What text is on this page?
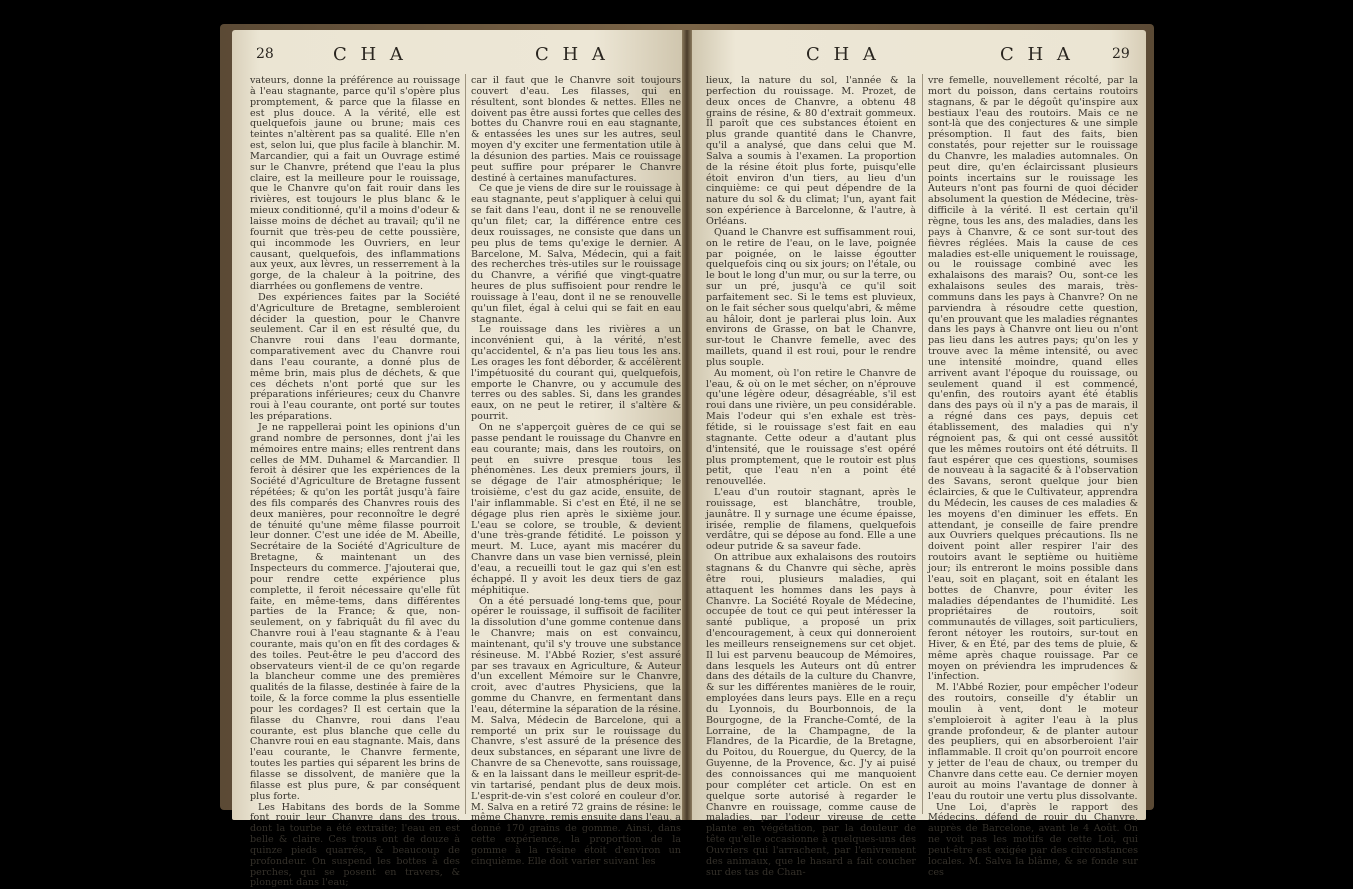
28	C H A	C H A	C H A	C H A	29

vateurs, donne la préférence au rouissage à l'eau stagnante, parce qu'il s'opère plus promptement, & parce que la filasse en est plus douce. A la vérité, elle est quelquefois jaune ou brune; mais ces teintes n'altèrent pas sa qualité. Elle n'en est, selon lui, que plus facile à blanchir. M. Marcandier, qui a fait un Ouvrage estimé sur le Chanvre, prétend que l'eau la plus claire, est la meilleure pour le rouissage, que le Chanvre qu'on fait rouir dans les rivières, est toujours le plus blanc & le mieux conditionné, qu'il a moins d'odeur & laisse moins de déchet au travail; qu'il ne fournit que très-peu de cette poussière, qui incommode les Ouvriers, en leur causant, quelquefois, des inflammations aux yeux, aux lèvres, un resserrement à la gorge, de la chaleur à la poitrine, des diarrhées ou gonflemens de ventre.

Des expériences faites par la Société d'Agriculture de Bretagne, sembleroient décider la question, pour le Chanvre seulement. Car il en est résulté que, du Chanvre roui dans l'eau dormante, comparativement avec du Chanvre roui dans l'eau courante, a donné plus de même brin, mais plus de déchets, & que ces déchets n'ont porté que sur les préparations inférieures; ceux du Chanvre roui à l'eau courante, ont porté sur toutes les préparations.

Je ne rappellerai point les opinions d'un grand nombre de personnes, dont j'ai les mémoires entre mains; elles rentrent dans celles de MM. Duhamel & Marcandier. Il feroit à désirer que les expériences de la Société d'Agriculture de Bretagne fussent répétées; & qu'on les portât jusqu'à faire des fils comparés des Chanvres rouis des deux manières, pour reconnoître le degré de ténuité qu'une même filasse pourroit leur donner. C'est une idée de M. Abeille, Secrétaire de la Société d'Agriculture de Bretagne, & maintenant un des Inspecteurs du commerce. J'ajouterai que, pour rendre cette expérience plus complette, il feroit nécessaire qu'elle fût faite, en même-tems, dans différentes parties de la France; & que, non-seulement, on y fabriquât du fil avec du Chanvre roui à l'eau stagnante & à l'eau courante, mais qu'on en fît des cordages & des toiles. Peut-être le peu d'accord des observateurs vient-il de ce qu'on regarde la blancheur comme une des premières qualités de la filasse, destinée à faire de la toile, & la force comme la plus essentielle pour les cordages? Il est certain que la filasse du Chanvre, roui dans l'eau courante, est plus blanche que celle du Chanvre roui en eau stagnante. Mais, dans l'eau courante, le Chanvre fermente, toutes les parties qui séparent les brins de filasse se dissolvent, de manière que la filasse est plus pure, & par conséquent plus forte.

Les Habitans des bords de la Somme font rouir leur Chanvre dans des trous, dont la tourbe a été extraite; l'eau en est belle & claire. Ces trous ont de douze à quinze pieds quarrés, & beaucoup de profondeur. On suspend les bottes à des perches, qui se posent en travers, & plongent dans l'eau;

car il faut que le Chanvre soit toujours couvert d'eau. Les filasses, qui en résultent, sont blondes & nettes. Elles ne doivent pas être aussi fortes que celles des bottes du Chanvre roui en eau stagnante, & entassées les unes sur les autres, seul moyen d'y exciter une fermentation utile à la désunion des parties. Mais ce rouissage peut suffire pour préparer le Chanvre destiné à certaines manufactures.

Ce que je viens de dire sur le rouissage à eau stagnante, peut s'appliquer à celui qui se fait dans l'eau, dont il ne se renouvelle qu'un filet; car, la différence entre ces deux rouissages, ne consiste que dans un peu plus de tems qu'exige le dernier. A Barcelone, M. Salva, Médecin, qui a fait des recherches très-utiles sur le rouissage du Chanvre, a vérifié que vingt-quatre heures de plus suffisoient pour rendre le rouissage à l'eau, dont il ne se renouvelle qu'un filet, égal à celui qui se fait en eau stagnante.

Le rouissage dans les rivières a un inconvénient qui, à la vérité, n'est qu'accidentel, & n'a pas lieu tous les ans. Les orages les font déborder, & accélèrent l'impétuosité du courant qui, quelquefois, emporte le Chanvre, ou y accumule des terres ou des sables. Si, dans les grandes eaux, on ne peut le retirer, il s'altère & pourrit.

On ne s'apperçoit guères de ce qui se passe pendant le rouissage du Chanvre en eau courante; mais, dans les routoirs, on peut en suivre presque tous les phénomènes. Les deux premiers jours, il se dégage de l'air atmosphérique; le troisième, c'est du gaz acide, ensuite, de l'air inflammable. Si c'est en Été, il ne se dégage plus rien après le sixième jour. L'eau se colore, se trouble, & devient d'une très-grande fétidité. Le poisson y meurt. M. Luce, ayant mis macérer du Chanvre dans un vase bien vernissé, plein d'eau, a recueilli tout le gaz qui s'en est échappé. Il y avoit les deux tiers de gaz méphitique.

On a été persuadé long-tems que, pour opérer le rouissage, il suffisoit de faciliter la dissolution d'une gomme contenue dans le Chanvre; mais on est convaincu, maintenant, qu'il s'y trouve une substance résineuse. M. l'Abbé Rozier, s'est assuré par ses travaux en Agriculture, & Auteur d'un excellent Mémoire sur le Chanvre, croit, avec d'autres Physiciens, que la gomme du Chanvre, en fermentant dans l'eau, détermine la séparation de la résine. M. Salva, Médecin de Barcelone, qui a remporté un prix sur le rouissage du Chanvre, s'est assuré de la présence des deux substances, en séparant une livre de Chanvre de sa Chenevotte, sans rouissage, & en la laissant dans le meilleur esprit-de-vin tartarisé, pendant plus de deux mois. L'esprit-de-vin s'est coloré en couleur d'or. M. Salva en a retiré 72 grains de résine: le même Chanvre, remis ensuite dans l'eau, a donné 170 grains de gomme. Ainsi, dans cette expérience, la proportion de la gomme à la résine étoit d'environ un cinquième. Elle doit varier suivant les

lieux, la nature du sol, l'année & la perfection du rouissage. M. Prozet, de deux onces de Chanvre, a obtenu 48 grains de résine, & 80 d'extrait gommeux. Il paroît que ces substances étoient en plus grande quantité dans le Chanvre, qu'il a analysé, que dans celui que M. Salva a soumis à l'examen. La proportion de la résine étoit plus forte, puisqu'elle étoit environ d'un tiers, au lieu d'un cinquième: ce qui peut dépendre de la nature du sol & du climat; l'un, ayant fait son expérience à Barcelonne, & l'autre, à Orléans.

Quand le Chanvre est suffisamment roui, on le retire de l'eau, on le lave, poignée par poignée, on le laisse égoutter quelquefois cinq ou six jours; on l'étale, ou le bout le long d'un mur, ou sur la terre, ou sur un pré, jusqu'à ce qu'il soit parfaitement sec. Si le tems est pluvieux, on le fait sécher sous quelqu'abri, & même au hâloir, dont je parlerai plus loin. Aux environs de Grasse, on bat le Chanvre, sur-tout le Chanvre femelle, avec des maillets, quand il est roui, pour le rendre plus souple.

Au moment, où l'on retire le Chanvre de l'eau, & où on le met sécher, on n'éprouve qu'une légère odeur, désagréable, s'il est roui dans une rivière, un peu considérable. Mais l'odeur qui s'en exhale est très-fétide, si le rouissage s'est fait en eau stagnante. Cette odeur a d'autant plus d'intensité, que le rouissage s'est opéré plus promptement, que le routoir est plus petit, que l'eau n'en a point été renouvellée.

L'eau d'un routoir stagnant, après le rouissage, est blanchâtre, trouble, jaunâtre. Il y surnage une écume épaisse, irisée, remplie de filamens, quelquefois verdâtre, qui se dépose au fond. Elle a une odeur putride & sa saveur fade.

On attribue aux exhalaisons des routoirs stagnans & du Chanvre qui sèche, après être roui, plusieurs maladies, qui attaquent les hommes dans les pays à Chanvre. La Société Royale de Médecine, occupée de tout ce qui peut intéresser la santé publique, a proposé un prix d'encouragement, à ceux qui donneroient les meilleurs renseignemens sur cet objet. Il lui est parvenu beaucoup de Mémoires, dans lesquels les Auteurs ont dû entrer dans des détails de la culture du Chanvre, & sur les différentes manières de le rouir, employées dans leurs pays. Elle en a reçu du Lyonnois, du Bourbonnois, de la Bourgogne, de la Franche-Comté, de la Lorraine, de la Champagne, de la Flandres, de la Picardie, de la Bretagne, du Poitou, du Rouergue, du Quercy, de la Guyenne, de la Provence, &c. J'y ai puisé des connoissances qui me manquoient pour compléter cet article. On est en quelque sorte autorisé à regarder le Chanvre en rouissage, comme cause de maladies, par l'odeur vireuse de cette plante en végétation, par la douleur de tête qu'elle occasionne à quelques-uns des Ouvriers qui l'arrachent, par l'enivrement des animaux, que le hasard a fait coucher sur des tas de Chan-

vre femelle, nouvellement récolté, par la mort du poisson, dans certains routoirs stagnans, & par le dégoût qu'inspire aux bestiaux l'eau des routoirs. Mais ce ne sont-là que des conjectures & une simple présomption. Il faut des faits, bien constatés, pour rejetter sur le rouissage du Chanvre, les maladies automnales. On peut dire, qu'en éclaircissant plusieurs points incertains sur le rouissage les Auteurs n'ont pas fourni de quoi décider absolument la question de Médecine, très-difficile à la vérité. Il est certain qu'il règne, tous les ans, des maladies, dans les pays à Chanvre, & ce sont sur-tout des fièvres réglées. Mais la cause de ces maladies est-elle uniquement le rouissage, ou le rouissage combiné avec les exhalaisons des marais? Ou, sont-ce les exhalaisons seules des marais, très-communs dans les pays à Chanvre? On ne parviendra à résoudre cette question, qu'en prouvant que les maladies régnantes dans les pays à Chanvre ont lieu ou n'ont pas lieu dans les autres pays; qu'on les y trouve avec la même intensité, ou avec une intensité moindre, quand elles arrivent avant l'époque du rouissage, ou seulement quand il est commencé, qu'enfin, des routoirs ayant été établis dans des pays où il n'y a pas de marais, il a régné dans ces pays, depuis cet établissement, des maladies qui n'y régnoient pas, & qui ont cessé aussitôt que les mêmes routoirs ont été détruits. Il faut espérer que ces questions, soumises de nouveau à la sagacité & à l'observation des Savans, seront quelque jour bien éclaircies, & que le Cultivateur, apprendra du Médecin, les causes de ces maladies & les moyens d'en diminuer les effets. En attendant, je conseille de faire prendre aux Ouvriers quelques précautions. Ils ne doivent point aller respirer l'air des routoirs avant le septième ou huitième jour; ils entreront le moins possible dans l'eau, soit en plaçant, soit en étalant les bottes de Chanvre, pour éviter les maladies dépendantes de l'humidité. Les propriétaires de routoirs, soit communautés de villages, soit particuliers, feront nétoyer les routoirs, sur-tout en Hiver, & en Été, par des tems de pluie, & même après chaque rouissage. Par ce moyen on préviendra les imprudences & l'infection.

M. l'Abbé Rozier, pour empêcher l'odeur des routoirs, conseille d'y établir un moulin à vent, dont le moteur s'emploieroit à agiter l'eau à la plus grande profondeur, & de planter autour des peupliers, qui en absorberoient l'air inflammable. Il croit qu'on pourroit encore y jetter de l'eau de chaux, ou tremper du Chanvre dans cette eau. Ce dernier moyen auroit au moins l'avantage de donner à l'eau du routoir une vertu plus dissolvante.

Une Loi, d'après le rapport des Médecins, défend de rouir du Chanvre, auprès de Barcelone, avant le 4 Août. On ne voit pas les motifs de cette Loi, qui peut-être est exigée par des circonstances locales. M. Salva la blâme, & se fonde sur ces
